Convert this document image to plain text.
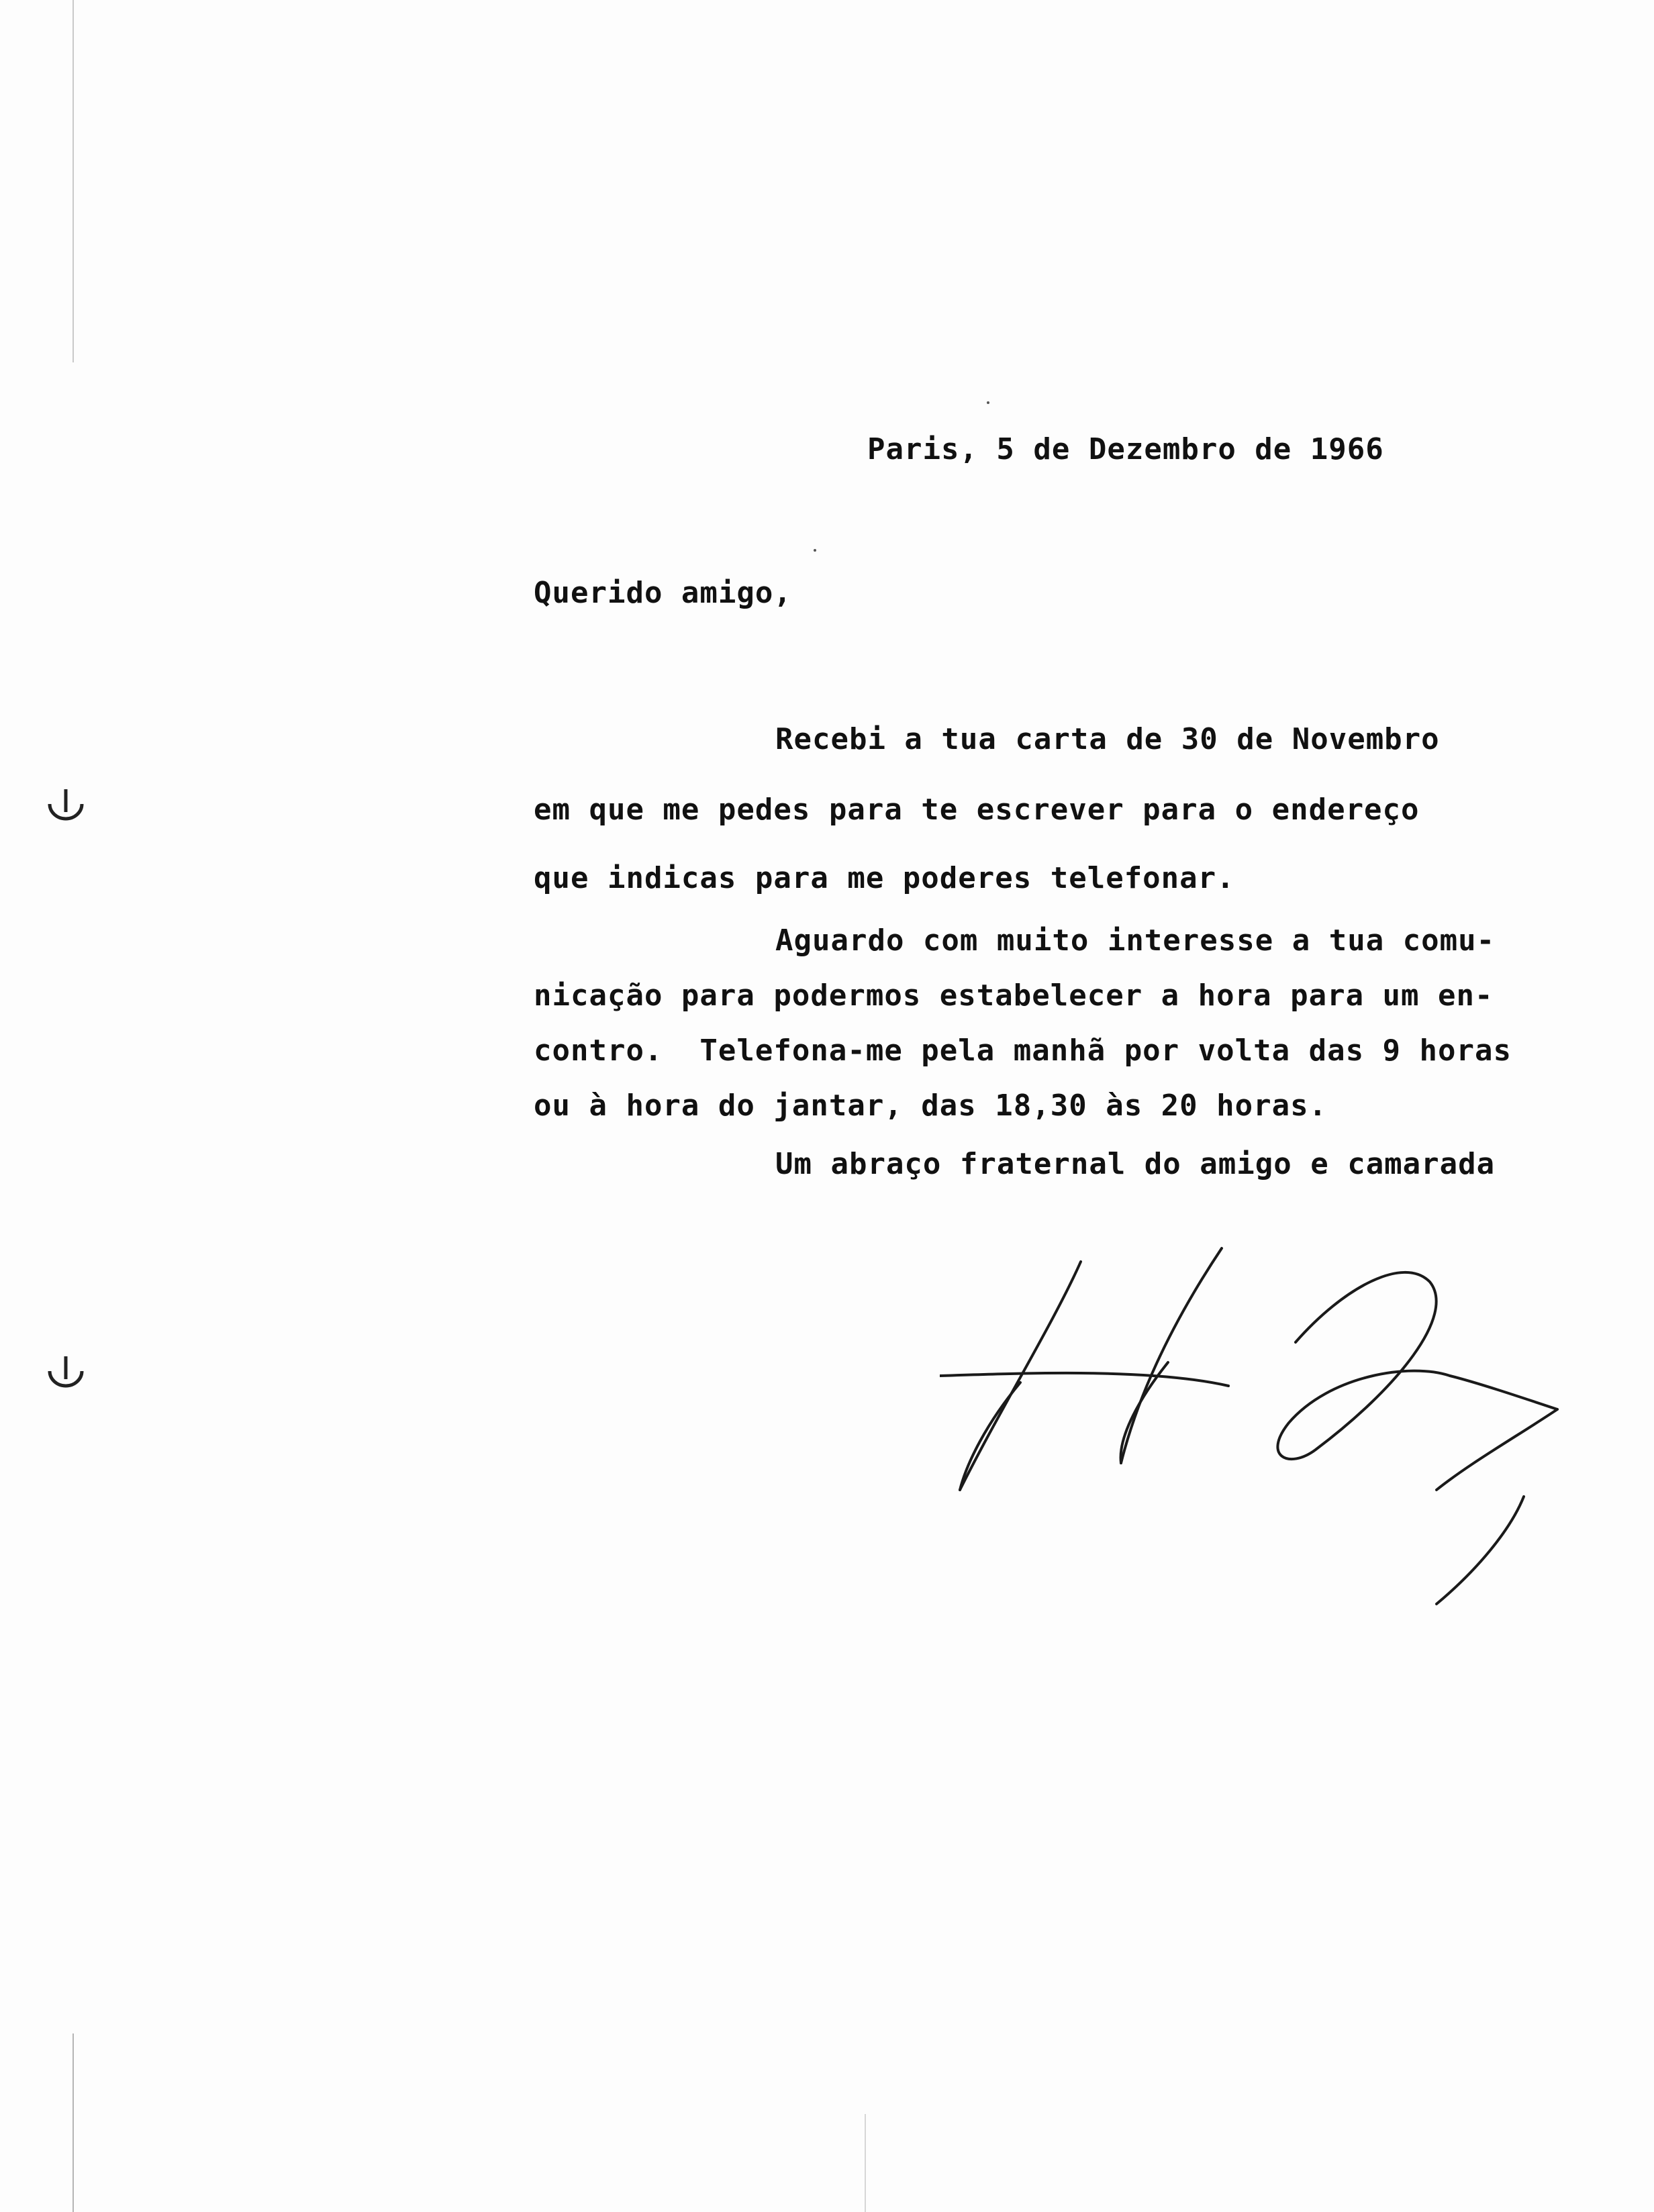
Paris, 5 de Dezembro de 1966
Querido amigo,
Recebi a tua carta de 30 de Novembro
em que me pedes para te escrever para o endereço
que indicas para me poderes telefonar.
Aguardo com muito interesse a tua comu-
nicação para podermos estabelecer a hora para um en-
contro.  Telefona-me pela manhã por volta das 9 horas
ou à hora do jantar, das 18,30 às 20 horas.
Um abraço fraternal do amigo e camarada
